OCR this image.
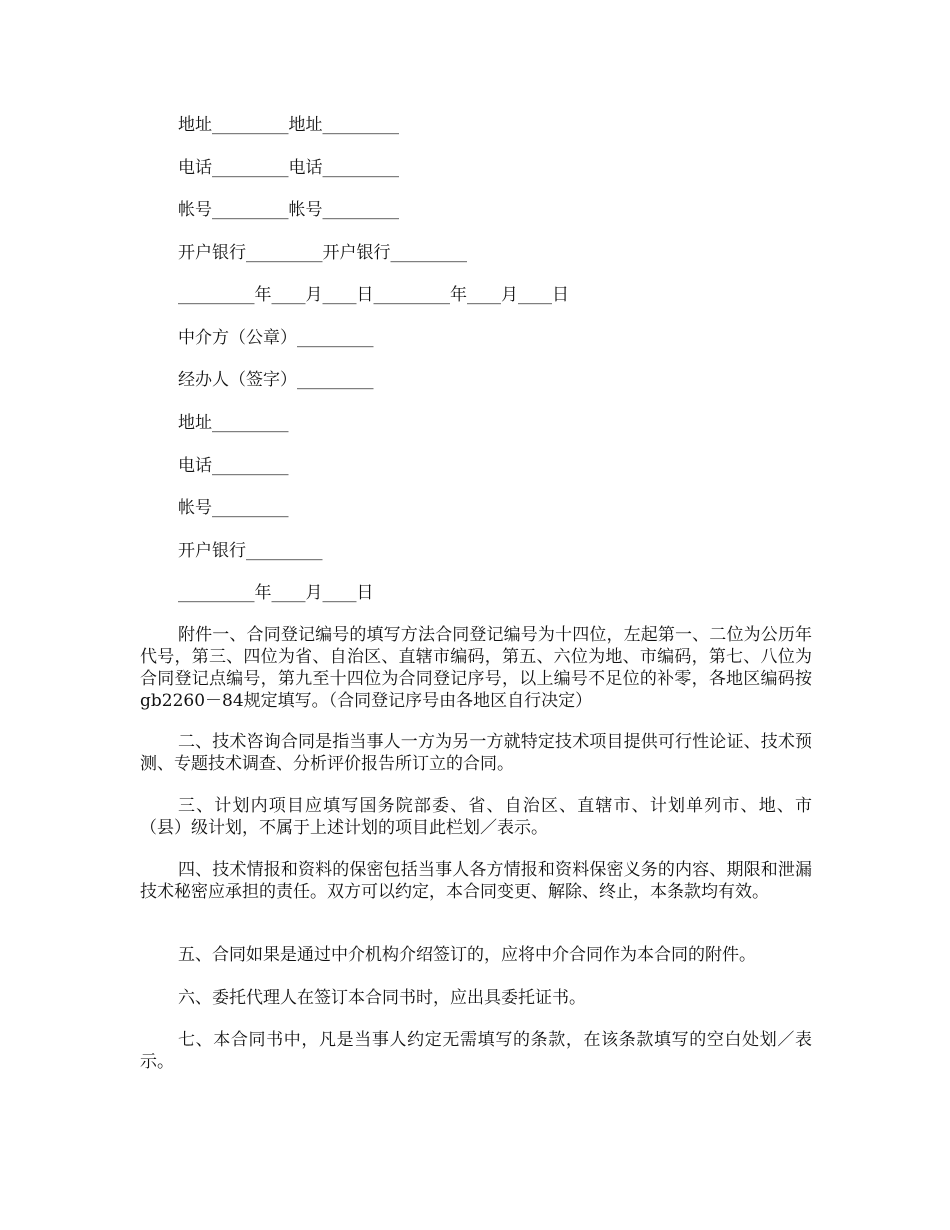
地址_________地址_________
电话_________电话_________
帐号_________帐号_________
开户银行_________开户银行_________
_________年____月____日_________年____月____日
中介方（公章）_________
经办人（签字）_________
地址_________
电话_________
帐号_________
开户银行_________
_________年____月____日

附件一、合同登记编号的填写方法合同登记编号为十四位，左起第一、二位为公历年代号，第三、四位为省、自治区、直辖市编码，第五、六位为地、市编码，第七、八位为合同登记点编号，第九至十四位为合同登记序号，以上编号不足位的补零，各地区编码按gb2260－84规定填写。（合同登记序号由各地区自行决定）

二、技术咨询合同是指当事人一方为另一方就特定技术项目提供可行性论证、技术预测、专题技术调查、分析评价报告所订立的合同。

三、计划内项目应填写国务院部委、省、自治区、直辖市、计划单列市、地、市（县）级计划，不属于上述计划的项目此栏划／表示。

四、技术情报和资料的保密包括当事人各方情报和资料保密义务的内容、期限和泄漏技术秘密应承担的责任。双方可以约定，本合同变更、解除、终止，本条款均有效。

五、合同如果是通过中介机构介绍签订的，应将中介合同作为本合同的附件。

六、委托代理人在签订本合同书时，应出具委托证书。

七、本合同书中，凡是当事人约定无需填写的条款，在该条款填写的空白处划／表示。
